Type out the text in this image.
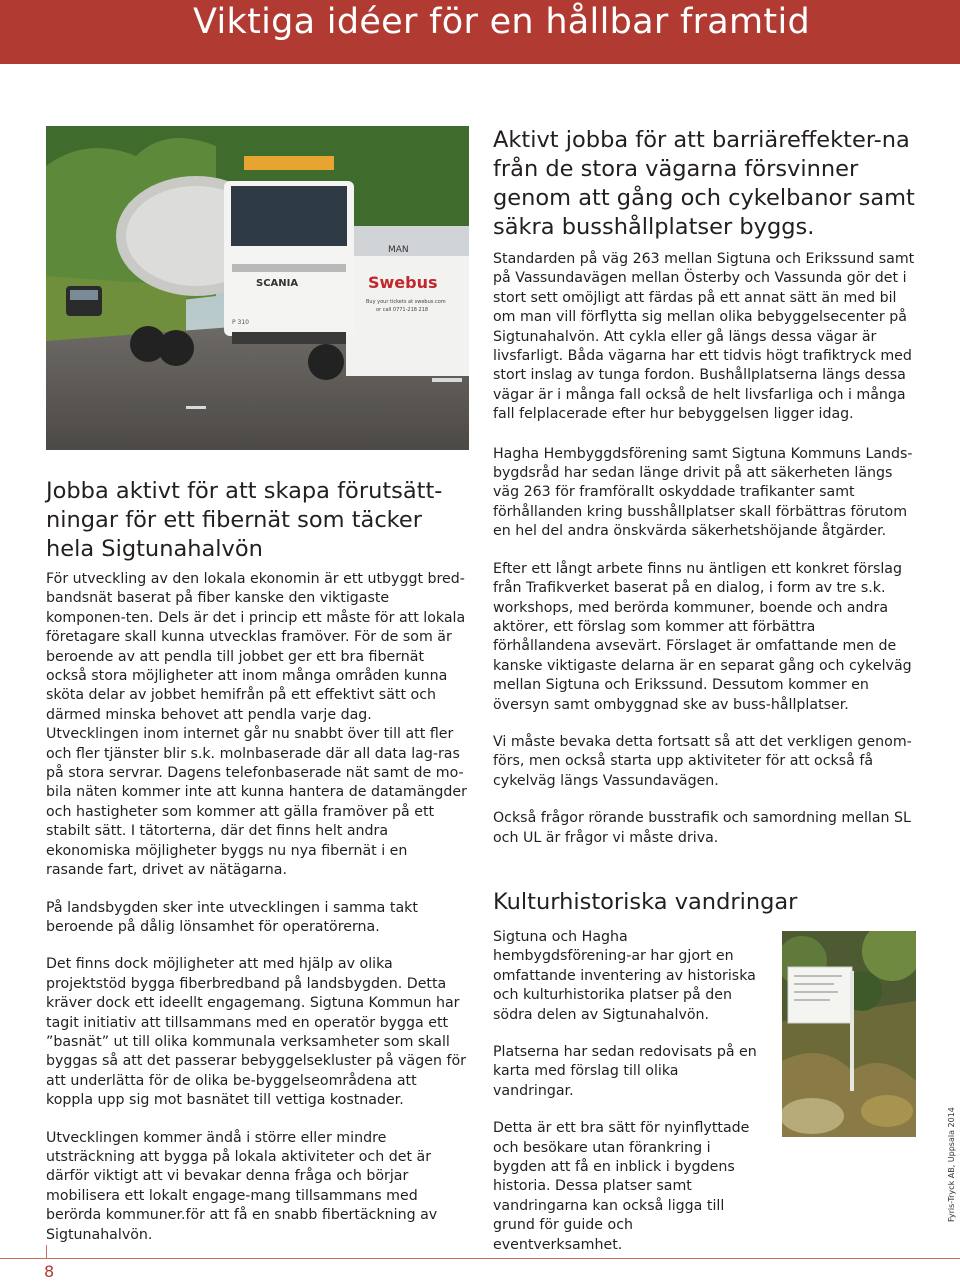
Viktiga idéer för en hållbar framtid
MAN
Swebus
Buy your tickets at swebus.com
or call 0771-218 218
SCANIA
P 310
Aktivt jobba för att barriäreffekter-na från de stora vägarna försvinner genom att gång och cykelbanor samt säkra busshållplatser byggs.

Standarden på väg 263 mellan Sigtuna och Erikssund samt på Vassundavägen mellan Österby och Vassunda gör det i stort sett omöjligt att färdas på ett annat sätt än med bil om man vill förflytta sig mellan olika bebyggelsecenter på Sigtunahalvön. Att cykla eller gå längs dessa vägar är livsfarligt. Båda vägarna har ett tidvis högt trafiktryck med stort inslag av tunga fordon. Bushållplatserna längs dessa vägar är i många fall också de helt livsfarliga och i många fall felplacerade efter hur bebyggelsen ligger idag.

Hagha Hembyggdsförening samt Sigtuna Kommuns Lands-bygdsråd har sedan länge drivit på att säkerheten längs väg 263 för framförallt oskyddade trafikanter samt förhållanden kring busshållplatser skall förbättras förutom en hel del andra önskvärda säkerhetshöjande åtgärder.

Efter ett långt arbete finns nu äntligen ett konkret förslag från Trafikverket baserat på en dialog, i form av tre s.k. workshops, med berörda kommuner, boende och andra aktörer, ett förslag som kommer att förbättra förhållandena avsevärt. Förslaget är omfattande men de kanske viktigaste delarna är en separat gång och cykelväg mellan Sigtuna och Erikssund. Dessutom kommer en översyn samt ombyggnad ske av buss-hållplatser.

Vi måste bevaka detta fortsatt så att det verkligen genom-förs, men också starta upp aktiviteter för att också få cykelväg längs Vassundavägen.

Också frågor rörande busstrafik och samordning mellan SL och UL är frågor vi måste driva.

Jobba aktivt för att skapa förutsätt-ningar för ett fibernät som täcker hela Sigtunahalvön

För utveckling av den lokala ekonomin är ett utbyggt bred-bandsnät baserat på fiber kanske den viktigaste komponen-ten. Dels är det i princip ett måste för att lokala företagare skall kunna utvecklas framöver. För de som är beroende av att pendla till jobbet ger ett bra fibernät också stora möjligheter att inom många områden kunna sköta delar av jobbet hemifrån på ett effektivt sätt och därmed minska behovet att pendla varje dag. Utvecklingen inom internet går nu snabbt över till att fler och fler tjänster blir s.k. molnbaserade där all data lag-ras på stora servrar. Dagens telefonbaserade nät samt de mo-bila näten kommer inte att kunna hantera de datamängder och hastigheter som kommer att gälla framöver på ett stabilt sätt. I tätorterna, där det finns helt andra ekonomiska möjligheter byggs nu nya fibernät i en rasande fart, drivet av nätägarna.

På landsbygden sker inte utvecklingen i samma takt beroende på dålig lönsamhet för operatörerna.

Det finns dock möjligheter att med hjälp av olika projektstöd bygga fiberbredband på landsbygden. Detta kräver dock ett ideellt engagemang. Sigtuna Kommun har tagit initiativ att tillsammans med en operatör bygga ett ”basnät” ut till olika kommunala verksamheter som skall byggas så att det passerar bebyggelsekluster på vägen för att underlätta för de olika be-byggelseområdena att koppla upp sig mot basnätet till vettiga kostnader.

Utvecklingen kommer ändå i större eller mindre utsträckning att bygga på lokala aktiviteter och det är därför viktigt att vi bevakar denna fråga och börjar mobilisera ett lokalt engage-mang tillsammans med berörda kommuner.för att få en snabb fibertäckning av Sigtunahalvön.

Kulturhistoriska vandringar

Sigtuna och Hagha hembygdsförening-ar har gjort en omfattande inventering av historiska och kulturhistorika platser på den södra delen av Sigtunahalvön.

Platserna har sedan redovisats på en karta med förslag till olika vandringar.

Detta är ett bra sätt för nyinflyttade och besökare utan förankring i bygden att få en inblick i bygdens historia. Dessa platser samt vandringarna kan också ligga till grund för guide och eventverksamhet.

Fyris-Tryck AB, Uppsala 2014
8
